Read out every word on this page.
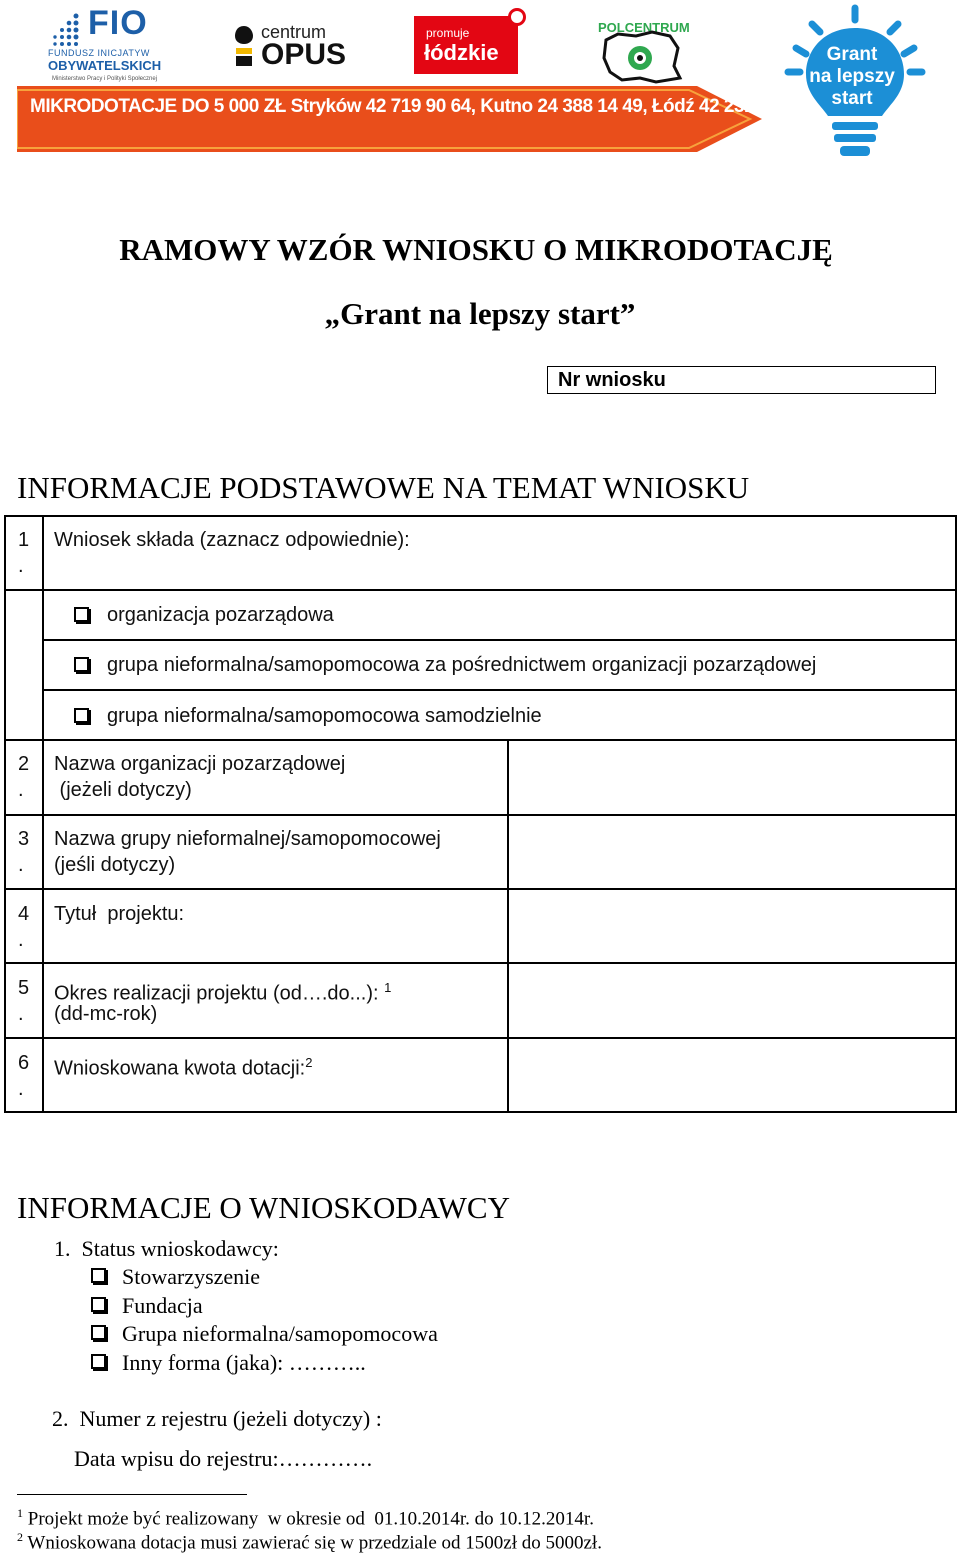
FIO
FUNDUSZ INICJATYW
OBYWATELSKICH
Ministerstwo Pracy i Polityki Społecznej
centrum
OPUS
promuje
łódzkie
POLCENTRUM
MIKRODOTACJE DO 5 000 ZŁ Stryków 42 719 90 64, Kutno 24 388 14 49, Łódź 42 231 31 01
Grant
na lepszy
start
RAMOWY WZÓR WNIOSKU O MIKRODOTACJĘ
„Grant na lepszy start”
Nr wniosku
INFORMACJE PODSTAWOWE NA TEMAT WNIOSKU
1
.
Wniosek składa (zaznacz odpowiednie):
organizacja pozarządowa
grupa nieformalna/samopomocowa za pośrednictwem organizacji pozarządowej
grupa nieformalna/samopomocowa samodzielnie
2
.
Nazwa organizacji pozarządowej
(jeżeli dotyczy)
3
.
Nazwa grupy nieformalnej/samopomocowej
(jeśli dotyczy)
4
.
Tytuł  projektu:
5
.
Okres realizacji projektu (od….do...): $^1$
(dd-mc-rok)
6
.
Wnioskowana kwota dotacji:$^2$
INFORMACJE O WNIOSKODAWCY
1.  Status wnioskodawcy:
Stowarzyszenie
Fundacja
Grupa nieformalna/samopomocowa
Inny forma (jaka): ………..
2.  Numer z rejestru (jeżeli dotyczy) :
Data wpisu do rejestru:………….
$^1$ Projekt może być realizowany  w okresie od  01.10.2014r. do 10.12.2014r.
$^2$ Wnioskowana dotacja musi zawierać się w przedziale od 1500zł do 5000zł.
